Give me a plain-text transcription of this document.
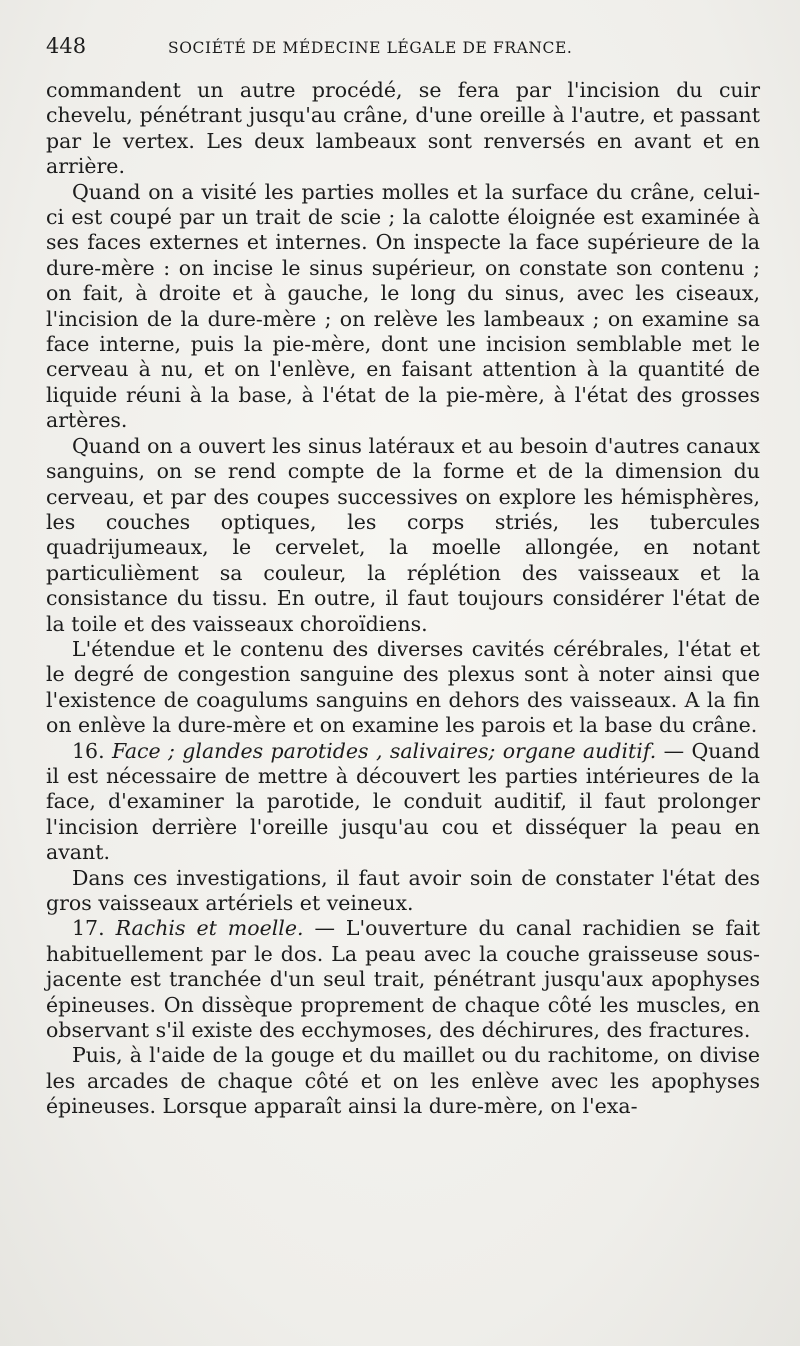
448	SOCIÉTÉ DE MÉDECINE LÉGALE DE FRANCE.

commandent un autre procédé, se fera par l'incision du cuir chevelu, pénétrant jusqu'au crâne, d'une oreille à l'autre, et passant par le vertex. Les deux lambeaux sont renversés en avant et en arrière.

Quand on a visité les parties molles et la surface du crâne, celui-ci est coupé par un trait de scie ; la calotte éloignée est examinée à ses faces externes et internes. On inspecte la face supérieure de la dure-mère : on incise le sinus supérieur, on constate son contenu ; on fait, à droite et à gauche, le long du sinus, avec les ciseaux, l'incision de la dure-mère ; on relève les lambeaux ; on examine sa face interne, puis la pie-mère, dont une incision semblable met le cerveau à nu, et on l'enlève, en faisant attention à la quantité de liquide réuni à la base, à l'état de la pie-mère, à l'état des grosses artères.

Quand on a ouvert les sinus latéraux et au besoin d'autres canaux sanguins, on se rend compte de la forme et de la dimension du cerveau, et par des coupes successives on explore les hémisphères, les couches optiques, les corps striés, les tubercules quadrijumeaux, le cervelet, la moelle allongée, en notant particulièment sa couleur, la réplétion des vaisseaux et la consistance du tissu. En outre, il faut toujours considérer l'état de la toile et des vaisseaux choroïdiens.

L'étendue et le contenu des diverses cavités cérébrales, l'état et le degré de congestion sanguine des plexus sont à noter ainsi que l'existence de coagulums sanguins en dehors des vaisseaux. A la fin on enlève la dure-mère et on examine les parois et la base du crâne.

16. Face ; glandes parotides , salivaires; organe auditif. — Quand il est nécessaire de mettre à découvert les parties intérieures de la face, d'examiner la parotide, le conduit auditif, il faut prolonger l'incision derrière l'oreille jusqu'au cou et disséquer la peau en avant.

Dans ces investigations, il faut avoir soin de constater l'état des gros vaisseaux artériels et veineux.

17. Rachis et moelle. — L'ouverture du canal rachidien se fait habituellement par le dos. La peau avec la couche graisseuse sous-jacente est tranchée d'un seul trait, pénétrant jusqu'aux apophyses épineuses. On dissèque proprement de chaque côté les muscles, en observant s'il existe des ecchymoses, des déchirures, des fractures.

Puis, à l'aide de la gouge et du maillet ou du rachitome, on divise les arcades de chaque côté et on les enlève avec les apophyses épineuses. Lorsque apparaît ainsi la dure-mère, on l'exa-
